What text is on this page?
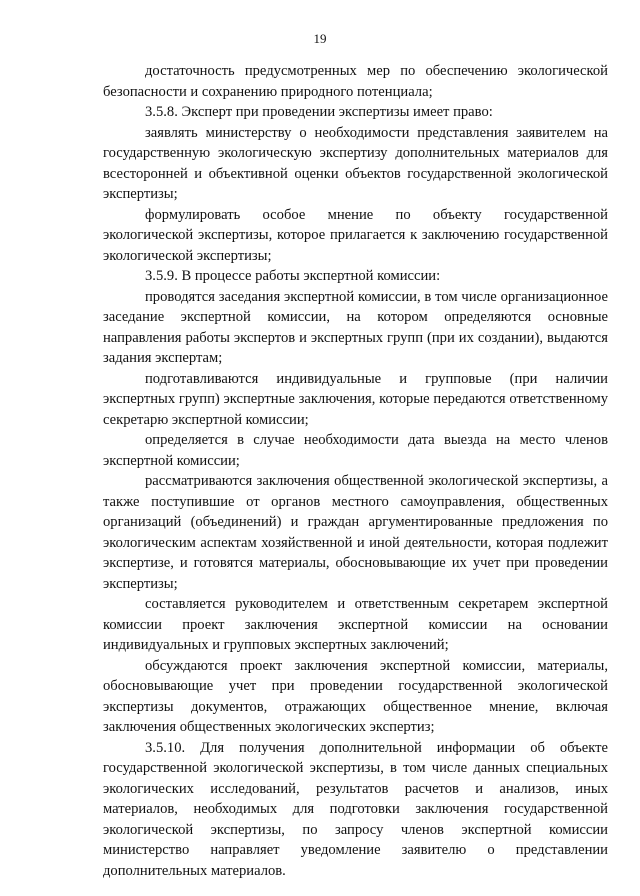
19

достаточность предусмотренных мер по обеспечению экологической безопасности и сохранению природного потенциала;

3.5.8. Эксперт при проведении экспертизы имеет право:

заявлять министерству о необходимости представления заявителем на государственную экологическую экспертизу дополнительных материалов для всесторонней и объективной оценки объектов государственной экологической экспертизы;

формулировать особое мнение по объекту государственной экологической экспертизы, которое прилагается к заключению государственной экологической экспертизы;

3.5.9. В процессе работы экспертной комиссии:

проводятся заседания экспертной комиссии, в том числе организационное заседание экспертной комиссии, на котором определяются основные направления работы экспертов и экспертных групп (при их создании), выдаются задания экспертам;

подготавливаются индивидуальные и групповые (при наличии экспертных групп) экспертные заключения, которые передаются ответственному секретарю экспертной комиссии;

определяется в случае необходимости дата выезда на место членов экспертной комиссии;

рассматриваются заключения общественной экологической экспертизы, а также поступившие от органов местного самоуправления, общественных организаций (объединений) и граждан аргументированные предложения по экологическим аспектам хозяйственной и иной деятельности, которая подлежит экспертизе, и готовятся материалы, обосновывающие их учет при проведении экспертизы;

составляется руководителем и ответственным секретарем экспертной комиссии проект заключения экспертной комиссии на основании индивидуальных и групповых экспертных заключений;

обсуждаются проект заключения экспертной комиссии, материалы, обосновывающие учет при проведении государственной экологической экспертизы документов, отражающих общественное мнение, включая заключения общественных экологических экспертиз;

3.5.10. Для получения дополнительной информации об объекте государственной экологической экспертизы, в том числе данных специальных экологических исследований, результатов расчетов и анализов, иных материалов, необходимых для подготовки заключения государственной экологической экспертизы, по запросу членов экспертной комиссии министерство направляет уведомление заявителю о представлении дополнительных материалов.
